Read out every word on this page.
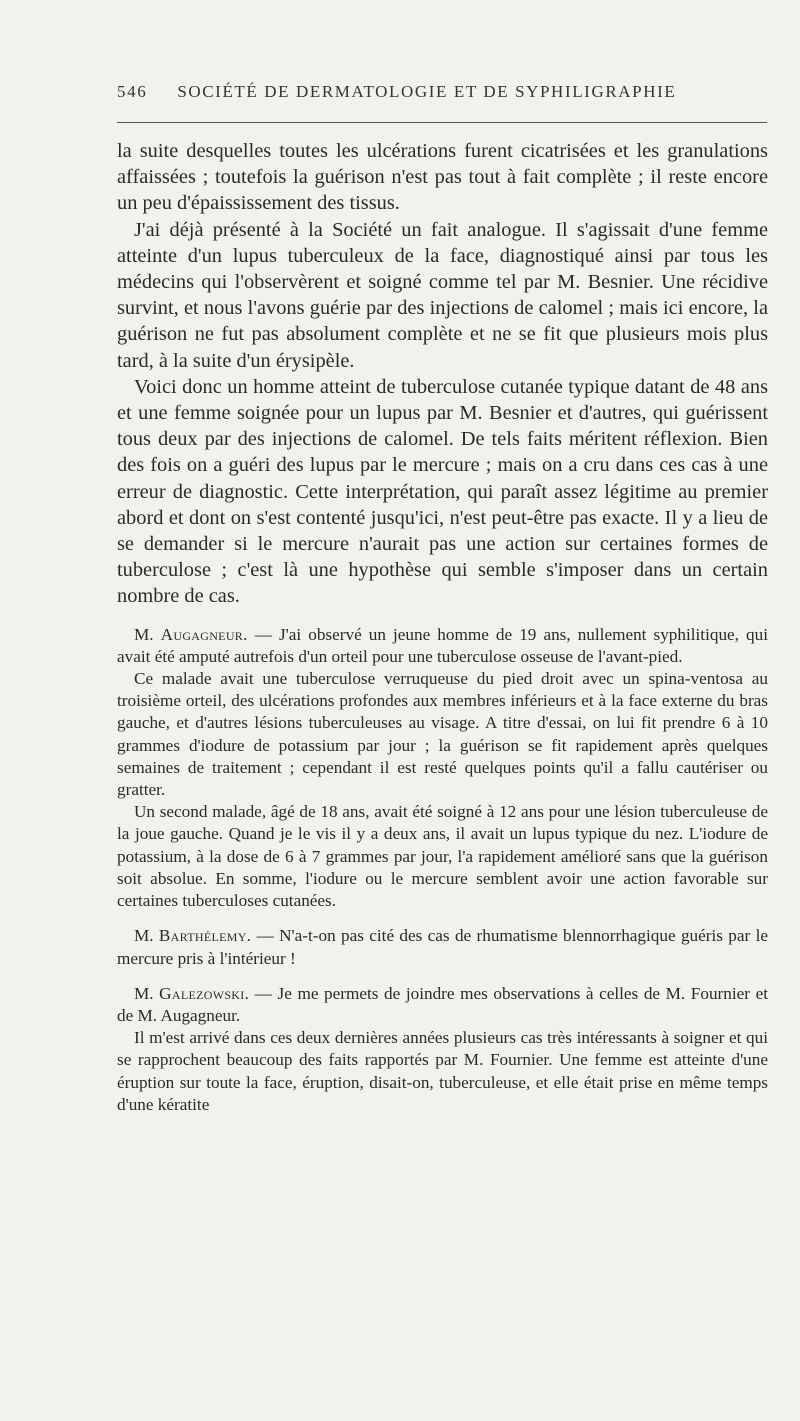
546 SOCIÉTÉ DE DERMATOLOGIE ET DE SYPHILIGRAPHIE

la suite desquelles toutes les ulcérations furent cicatrisées et les granulations affaissées ; toutefois la guérison n'est pas tout à fait complète ; il reste encore un peu d'épaississement des tissus.

J'ai déjà présenté à la Société un fait analogue. Il s'agissait d'une femme atteinte d'un lupus tuberculeux de la face, diagnostiqué ainsi par tous les médecins qui l'observèrent et soigné comme tel par M. Besnier. Une récidive survint, et nous l'avons guérie par des injections de calomel ; mais ici encore, la guérison ne fut pas absolument complète et ne se fit que plusieurs mois plus tard, à la suite d'un érysipèle.

Voici donc un homme atteint de tuberculose cutanée typique datant de 48 ans et une femme soignée pour un lupus par M. Besnier et d'autres, qui guérissent tous deux par des injections de calomel. De tels faits méritent réflexion. Bien des fois on a guéri des lupus par le mercure ; mais on a cru dans ces cas à une erreur de diagnostic. Cette interprétation, qui paraît assez légitime au premier abord et dont on s'est contenté jusqu'ici, n'est peut-être pas exacte. Il y a lieu de se demander si le mercure n'aurait pas une action sur certaines formes de tuberculose ; c'est là une hypothèse qui semble s'imposer dans un certain nombre de cas.

M. Augagneur. — J'ai observé un jeune homme de 19 ans, nullement syphilitique, qui avait été amputé autrefois d'un orteil pour une tuberculose osseuse de l'avant-pied.

Ce malade avait une tuberculose verruqueuse du pied droit avec un spina-ventosa au troisième orteil, des ulcérations profondes aux membres inférieurs et à la face externe du bras gauche, et d'autres lésions tuberculeuses au visage. A titre d'essai, on lui fit prendre 6 à 10 grammes d'iodure de potassium par jour ; la guérison se fit rapidement après quelques semaines de traitement ; cependant il est resté quelques points qu'il a fallu cautériser ou gratter.

Un second malade, âgé de 18 ans, avait été soigné à 12 ans pour une lésion tuberculeuse de la joue gauche. Quand je le vis il y a deux ans, il avait un lupus typique du nez. L'iodure de potassium, à la dose de 6 à 7 grammes par jour, l'a rapidement amélioré sans que la guérison soit absolue. En somme, l'iodure ou le mercure semblent avoir une action favorable sur certaines tuberculoses cutanées.

M. Barthélemy. — N'a-t-on pas cité des cas de rhumatisme blennorrhagique guéris par le mercure pris à l'intérieur !

M. Galezowski. — Je me permets de joindre mes observations à celles de M. Fournier et de M. Augagneur.

Il m'est arrivé dans ces deux dernières années plusieurs cas très intéressants à soigner et qui se rapprochent beaucoup des faits rapportés par M. Fournier. Une femme est atteinte d'une éruption sur toute la face, éruption, disait-on, tuberculeuse, et elle était prise en même temps d'une kératite
